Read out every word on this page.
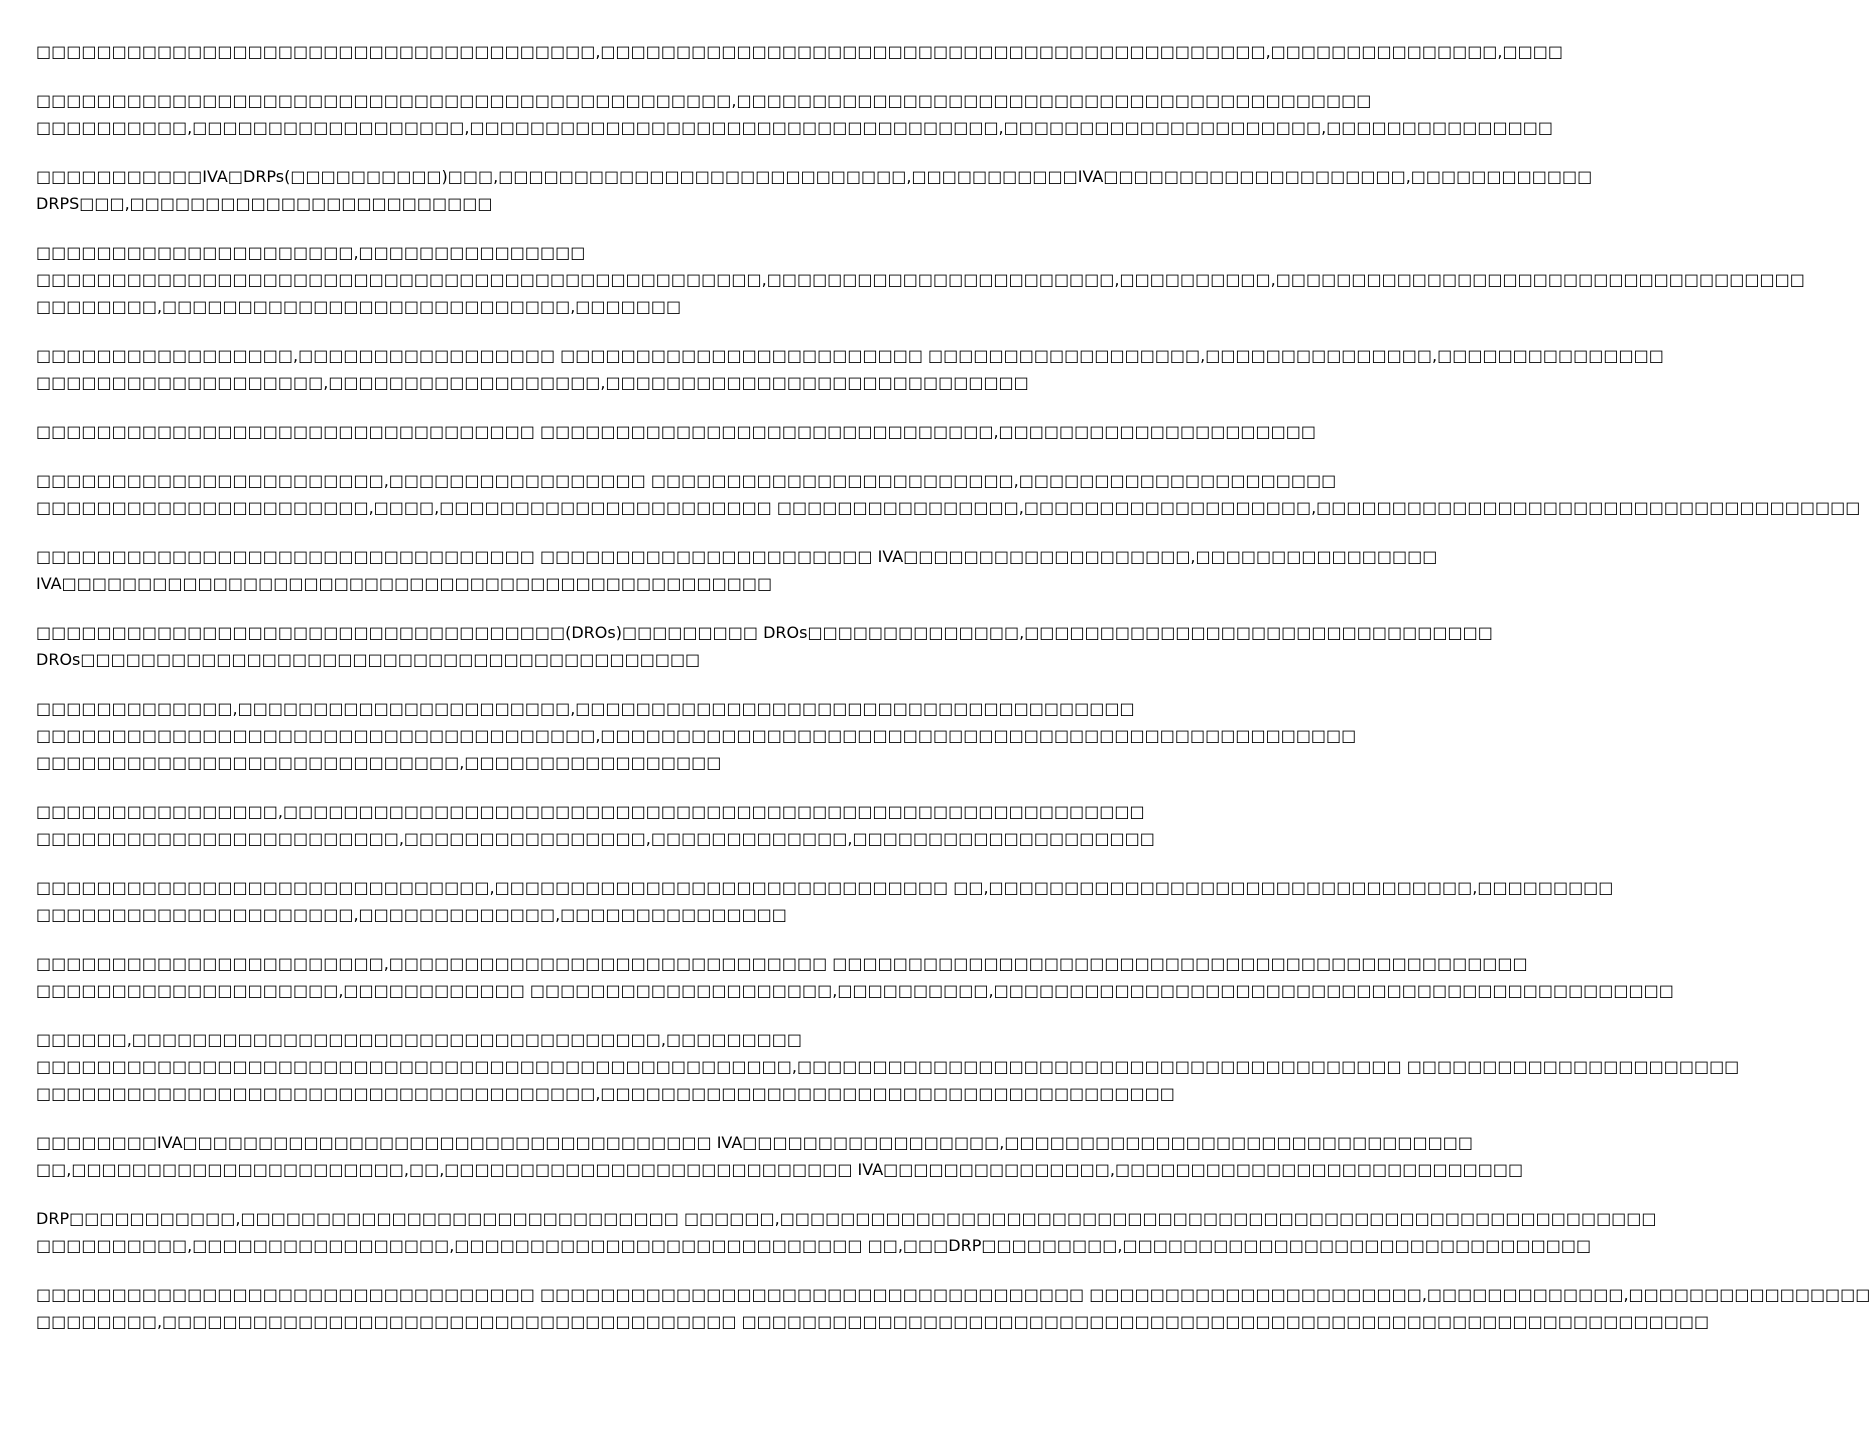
□□□□□□□□□□□□□□□□□□□□□□□□□□□□□□□□□□□□□,□□□□□□□□□□□□□□□□□□□□□□□□□□□□□□□□□□□□□□□□□□□□,□□□□□□□□□□□□□□□,□□□□
□□□□□□□□□□□□□□□□□□□□□□□□□□□□□□□□□□□□□□□□□□□□□□,□□□□□□□□□□□□□□□□□□□□□□□□□□□□□□□□□□□□□□□□□□
□□□□□□□□□□,□□□□□□□□□□□□□□□□□□,□□□□□□□□□□□□□□□□□□□□□□□□□□□□□□□□□□□,□□□□□□□□□□□□□□□□□□□□□,□□□□□□□□□□□□□□□
□□□□□□□□□□□IVA□DRPs(□□□□□□□□□□)□□□,□□□□□□□□□□□□□□□□□□□□□□□□□□□,□□□□□□□□□□□IVA□□□□□□□□□□□□□□□□□□□□,□□□□□□□□□□□□
DRPS□□□,□□□□□□□□□□□□□□□□□□□□□□□□
□□□□□□□□□□□□□□□□□□□□□,□□□□□□□□□□□□□□□
□□□□□□□□□□□□□□□□□□□□□□□□□□□□□□□□□□□□□□□□□□□□□□□□,□□□□□□□□□□□□□□□□□□□□□□□,□□□□□□□□□□,□□□□□□□□□□□□□□□□□□□□□□□□□□□□□□□□□□□
□□□□□□□□,□□□□□□□□□□□□□□□□□□□□□□□□□□□,□□□□□□□
□□□□□□□□□□□□□□□□□,□□□□□□□□□□□□□□□□□ □□□□□□□□□□□□□□□□□□□□□□□□ □□□□□□□□□□□□□□□□□□,□□□□□□□□□□□□□□□,□□□□□□□□□□□□□□□
□□□□□□□□□□□□□□□□□□□,□□□□□□□□□□□□□□□□□□,□□□□□□□□□□□□□□□□□□□□□□□□□□□□
□□□□□□□□□□□□□□□□□□□□□□□□□□□□□□□□□ □□□□□□□□□□□□□□□□□□□□□□□□□□□□□□,□□□□□□□□□□□□□□□□□□□□□
□□□□□□□□□□□□□□□□□□□□□□□,□□□□□□□□□□□□□□□□□ □□□□□□□□□□□□□□□□□□□□□□□□,□□□□□□□□□□□□□□□□□□□□□
□□□□□□□□□□□□□□□□□□□□□□,□□□□,□□□□□□□□□□□□□□□□□□□□□□ □□□□□□□□□□□□□□□□,□□□□□□□□□□□□□□□□□□□,□□□□□□□□□□□□□□□□□□□□□□□□□□□□□□□□□□□□
□□□□□□□□□□□□□□□□□□□□□□□□□□□□□□□□□ □□□□□□□□□□□□□□□□□□□□□□ IVA□□□□□□□□□□□□□□□□□□□,□□□□□□□□□□□□□□□□
IVA□□□□□□□□□□□□□□□□□□□□□□□□□□□□□□□□□□□□□□□□□□□□□□□
□□□□□□□□□□□□□□□□□□□□□□□□□□□□□□□□□□□(DROs)□□□□□□□□□ DROs□□□□□□□□□□□□□□,□□□□□□□□□□□□□□□□□□□□□□□□□□□□□□□
DROs□□□□□□□□□□□□□□□□□□□□□□□□□□□□□□□□□□□□□□□□□
□□□□□□□□□□□□□,□□□□□□□□□□□□□□□□□□□□□□,□□□□□□□□□□□□□□□□□□□□□□□□□□□□□□□□□□□□□
□□□□□□□□□□□□□□□□□□□□□□□□□□□□□□□□□□□□□,□□□□□□□□□□□□□□□□□□□□□□□□□□□□□□□□□□□□□□□□□□□□□□□□□□
□□□□□□□□□□□□□□□□□□□□□□□□□□□□,□□□□□□□□□□□□□□□□□
□□□□□□□□□□□□□□□□,□□□□□□□□□□□□□□□□□□□□□□□□□□□□□□□□□□□□□□□□□□□□□□□□□□□□□□□□□
□□□□□□□□□□□□□□□□□□□□□□□□,□□□□□□□□□□□□□□□□,□□□□□□□□□□□□□,□□□□□□□□□□□□□□□□□□□□
□□□□□□□□□□□□□□□□□□□□□□□□□□□□□□,□□□□□□□□□□□□□□□□□□□□□□□□□□□□□□ □□,□□□□□□□□□□□□□□□□□□□□□□□□□□□□□□□□,□□□□□□□□□
□□□□□□□□□□□□□□□□□□□□□,□□□□□□□□□□□□□,□□□□□□□□□□□□□□□
□□□□□□□□□□□□□□□□□□□□□□□,□□□□□□□□□□□□□□□□□□□□□□□□□□□□□ □□□□□□□□□□□□□□□□□□□□□□□□□□□□□□□□□□□□□□□□□□□□□□
□□□□□□□□□□□□□□□□□□□□,□□□□□□□□□□□□ □□□□□□□□□□□□□□□□□□□□,□□□□□□□□□□,□□□□□□□□□□□□□□□□□□□□□□□□□□□□□□□□□□□□□□□□□□□□□
□□□□□□,□□□□□□□□□□□□□□□□□□□□□□□□□□□□□□□□□□□,□□□□□□□□□
□□□□□□□□□□□□□□□□□□□□□□□□□□□□□□□□□□□□□□□□□□□□□□□□□□,□□□□□□□□□□□□□□□□□□□□□□□□□□□□□□□□□□□□□□□□ □□□□□□□□□□□□□□□□□□□□□□
□□□□□□□□□□□□□□□□□□□□□□□□□□□□□□□□□□□□□,□□□□□□□□□□□□□□□□□□□□□□□□□□□□□□□□□□□□□□
□□□□□□□□IVA□□□□□□□□□□□□□□□□□□□□□□□□□□□□□□□□□□□ IVA□□□□□□□□□□□□□□□□□,□□□□□□□□□□□□□□□□□□□□□□□□□□□□□□□
□□,□□□□□□□□□□□□□□□□□□□□□□,□□,□□□□□□□□□□□□□□□□□□□□□□□□□□□ IVA□□□□□□□□□□□□□□□,□□□□□□□□□□□□□□□□□□□□□□□□□□□
DRP□□□□□□□□□□□,□□□□□□□□□□□□□□□□□□□□□□□□□□□□□ □□□□□□,□□□□□□□□□□□□□□□□□□□□□□□□□□□□□□□□□□□□□□□□□□□□□□□□□□□□□□□□□□
□□□□□□□□□□,□□□□□□□□□□□□□□□□□,□□□□□□□□□□□□□□□□□□□□□□□□□□□ □□,□□□DRP□□□□□□□□□,□□□□□□□□□□□□□□□□□□□□□□□□□□□□□□□
□□□□□□□□□□□□□□□□□□□□□□□□□□□□□□□□□ □□□□□□□□□□□□□□□□□□□□□□□□□□□□□□□□□□□□ □□□□□□□□□□□□□□□□□□□□□□,□□□□□□□□□□□□□,□□□□□□□□□□□□□□□□
□□□□□□□□,□□□□□□□□□□□□□□□□□□□□□□□□□□□□□□□□□□□□□□ □□□□□□□□□□□□□□□□□□□□□□□□□□□□□□□□□□□□□□□□□□□□□□□□□□□□□□□□□□□□□□□□
